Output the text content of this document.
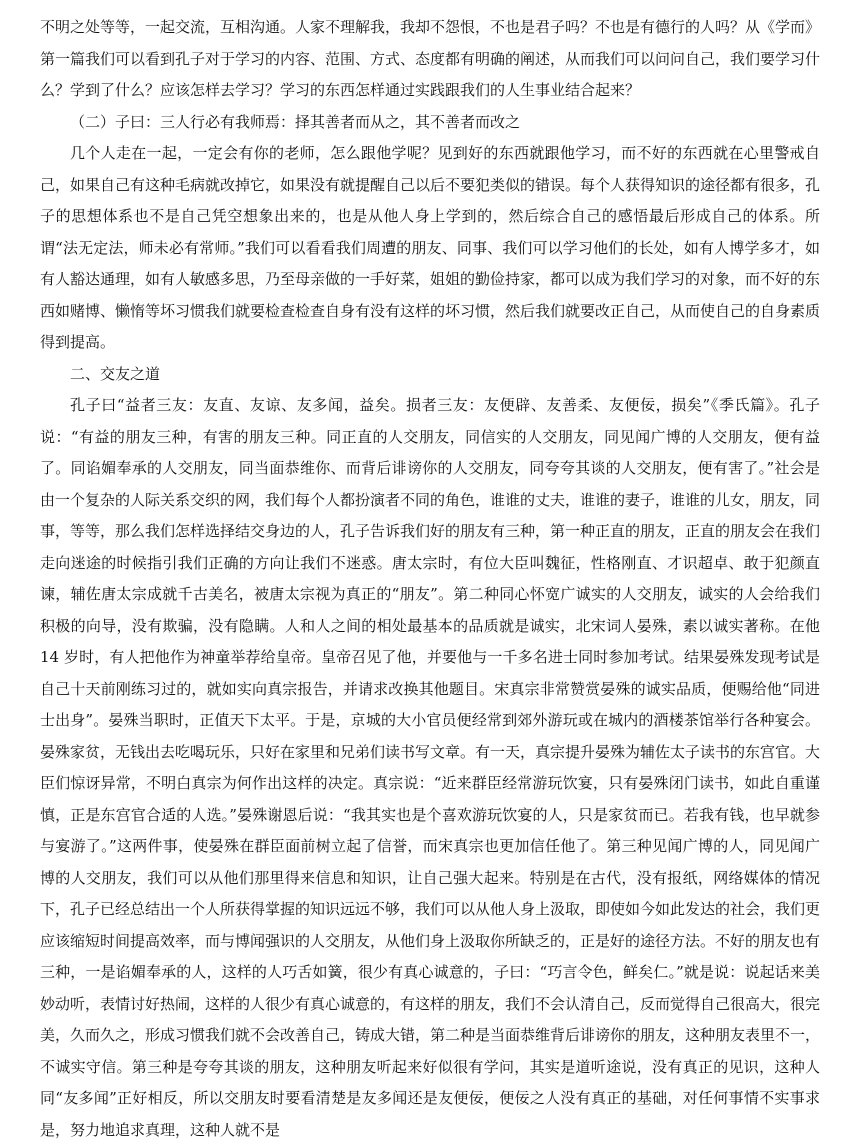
不明之处等等，一起交流，互相沟通。人家不理解我，我却不怨恨，不也是君子吗？不也是有德行的人吗？从《学而》第一篇我们可以看到孔子对于学习的内容、范围、方式、态度都有明确的阐述，从而我们可以问问自己，我们要学习什么？学到了什么？应该怎样去学习？学习的东西怎样通过实践跟我们的人生事业结合起来？

（二）子曰：三人行必有我师焉：择其善者而从之，其不善者而改之

几个人走在一起，一定会有你的老师，怎么跟他学呢？见到好的东西就跟他学习，而不好的东西就在心里警戒自己，如果自己有这种毛病就改掉它，如果没有就提醒自己以后不要犯类似的错误。每个人获得知识的途径都有很多，孔子的思想体系也不是自己凭空想象出来的，也是从他人身上学到的，然后综合自己的感悟最后形成自己的体系。所谓“法无定法，师未必有常师。”我们可以看看我们周遭的朋友、同事、我们可以学习他们的长处，如有人博学多才，如有人豁达通理，如有人敏感多思，乃至母亲做的一手好菜，姐姐的勤俭持家，都可以成为我们学习的对象，而不好的东西如赌博、懒惰等坏习惯我们就要检查检查自身有没有这样的坏习惯，然后我们就要改正自己，从而使自己的自身素质得到提高。

二、交友之道

孔子曰“益者三友：友直、友谅、友多闻，益矣。损者三友：友便辟、友善柔、友便佞，损矣”《季氏篇》。孔子说：“有益的朋友三种，有害的朋友三种。同正直的人交朋友，同信实的人交朋友，同见闻广博的人交朋友，便有益了。同谄媚奉承的人交朋友，同当面恭维你、而背后诽谤你的人交朋友，同夸夸其谈的人交朋友，便有害了。”社会是由一个复杂的人际关系交织的网，我们每个人都扮演者不同的角色，谁谁的丈夫，谁谁的妻子，谁谁的儿女，朋友，同事，等等，那么我们怎样选择结交身边的人，孔子告诉我们好的朋友有三种，第一种正直的朋友，正直的朋友会在我们走向迷途的时候指引我们正确的方向让我们不迷惑。唐太宗时，有位大臣叫魏征，性格刚直、才识超卓、敢于犯颜直谏，辅佐唐太宗成就千古美名，被唐太宗视为真正的“朋友”。第二种同心怀宽广诚实的人交朋友，诚实的人会给我们积极的向导，没有欺骗，没有隐瞒。人和人之间的相处最基本的品质就是诚实，北宋词人晏殊，素以诚实著称。在他 14 岁时，有人把他作为神童举荐给皇帝。皇帝召见了他，并要他与一千多名进士同时参加考试。结果晏殊发现考试是自己十天前刚练习过的，就如实向真宗报告，并请求改换其他题目。宋真宗非常赞赏晏殊的诚实品质，便赐给他“同进士出身”。晏殊当职时，正值天下太平。于是，京城的大小官员便经常到郊外游玩或在城内的酒楼茶馆举行各种宴会。晏殊家贫，无钱出去吃喝玩乐，只好在家里和兄弟们读书写文章。有一天，真宗提升晏殊为辅佐太子读书的东宫官。大臣们惊讶异常，不明白真宗为何作出这样的决定。真宗说：“近来群臣经常游玩饮宴，只有晏殊闭门读书，如此自重谨慎，正是东宫官合适的人选。”晏殊谢恩后说：“我其实也是个喜欢游玩饮宴的人，只是家贫而已。若我有钱，也早就参与宴游了。”这两件事，使晏殊在群臣面前树立起了信誉，而宋真宗也更加信任他了。第三种见闻广博的人，同见闻广博的人交朋友，我们可以从他们那里得来信息和知识，让自己强大起来。特别是在古代，没有报纸，网络媒体的情况下，孔子已经总结出一个人所获得掌握的知识远远不够，我们可以从他人身上汲取，即使如今如此发达的社会，我们更应该缩短时间提高效率，而与博闻强识的人交朋友，从他们身上汲取你所缺乏的，正是好的途径方法。不好的朋友也有三种，一是谄媚奉承的人，这样的人巧舌如簧，很少有真心诚意的，子曰：“巧言令色，鲜矣仁。”就是说：说起话来美妙动听，表情讨好热闹，这样的人很少有真心诚意的，有这样的朋友，我们不会认清自己，反而觉得自己很高大，很完美，久而久之，形成习惯我们就不会改善自己，铸成大错，第二种是当面恭维背后诽谤你的朋友，这种朋友表里不一，不诚实守信。第三种是夸夸其谈的朋友，这种朋友听起来好似很有学问，其实是道听途说，没有真正的见识，这种人同“友多闻”正好相反，所以交朋友时要看清楚是友多闻还是友便佞，便佞之人没有真正的基础，对任何事情不实事求是，努力地追求真理，这种人就不是
